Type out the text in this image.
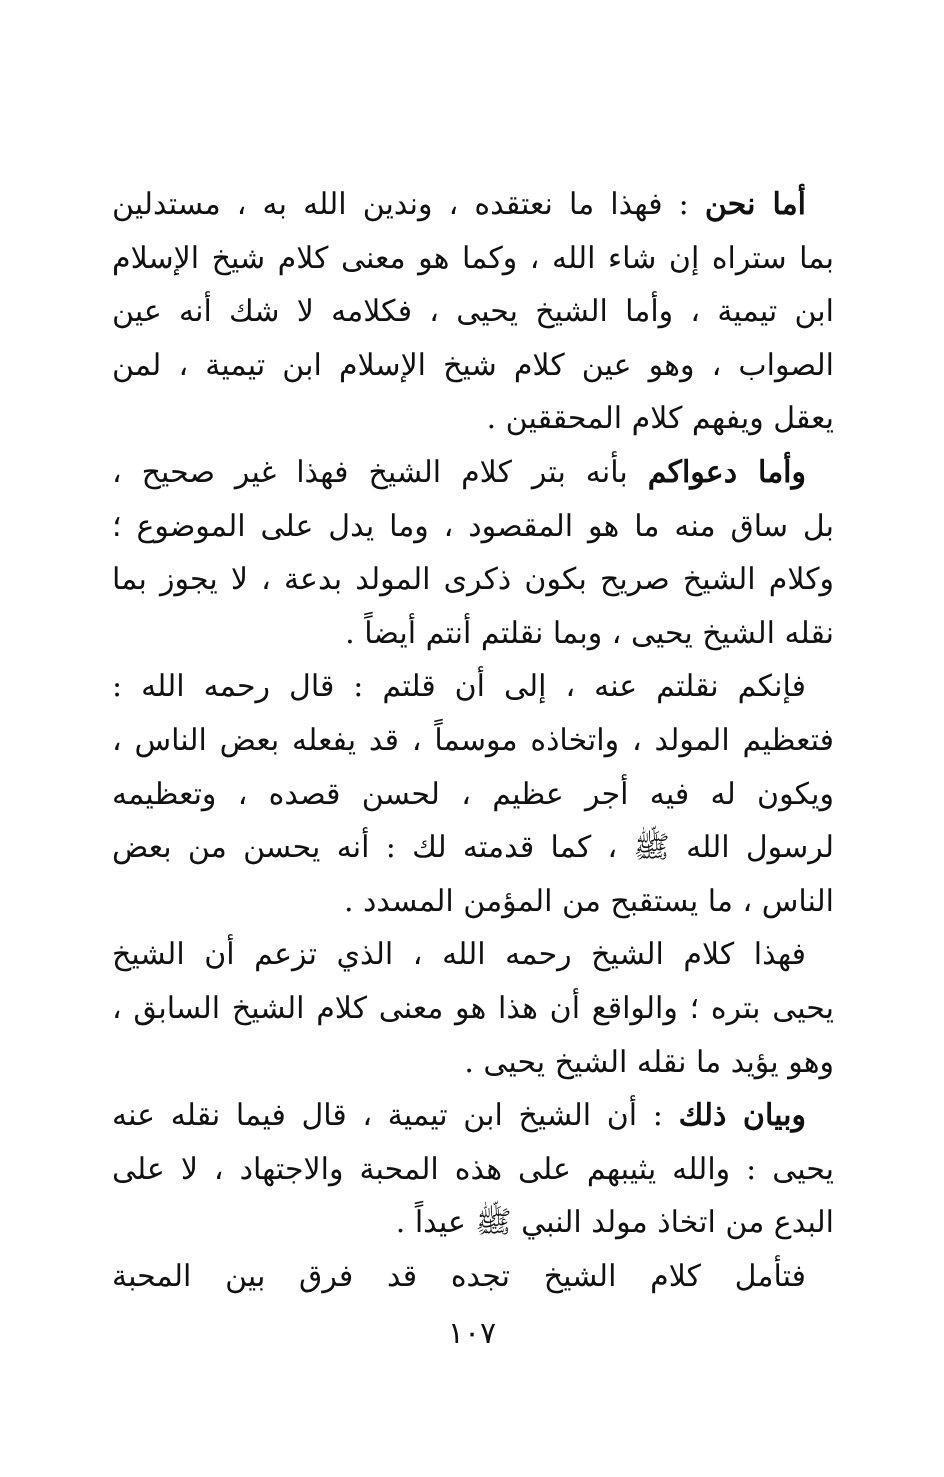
أما نحن : فهذا ما نعتقده ، وندين الله به ، مستدلين
بما ستراه إن شاء الله ، وكما هو معنى كلام شيخ الإسلام
ابن تيمية ، وأما الشيخ يحيى ، فكلامه لا شك أنه عين
الصواب ، وهو عين كلام شيخ الإسلام ابن تيمية ، لمن
يعقل ويفهم كلام المحققين .
وأما دعواكم بأنه بتر كلام الشيخ فهذا غير صحيح ،
بل ساق منه ما هو المقصود ، وما يدل على الموضوع ؛
وكلام الشيخ صريح بكون ذكرى المولد بدعة ، لا يجوز بما
نقله الشيخ يحيى ، وبما نقلتم أنتم أيضاً .
فإنكم نقلتم عنه ، إلى أن قلتم : قال رحمه الله :
فتعظيم المولد ، واتخاذه موسماً ، قد يفعله بعض الناس ،
ويكون له فيه أجر عظيم ، لحسن قصده ، وتعظيمه
لرسول الله ﷺ ، كما قدمته لك : أنه يحسن من بعض
الناس ، ما يستقبح من المؤمن المسدد .
فهذا كلام الشيخ رحمه الله ، الذي تزعم أن الشيخ
يحيى بتره ؛ والواقع أن هذا هو معنى كلام الشيخ السابق ،
وهو يؤيد ما نقله الشيخ يحيى .
وبيان ذلك : أن الشيخ ابن تيمية ، قال فيما نقله عنه
يحيى : والله يثيبهم على هذه المحبة والاجتهاد ، لا على
البدع من اتخاذ مولد النبي ﷺ عيداً .
فتأمل كلام الشيخ تجده قد فرق بين المحبة
١٠٧
